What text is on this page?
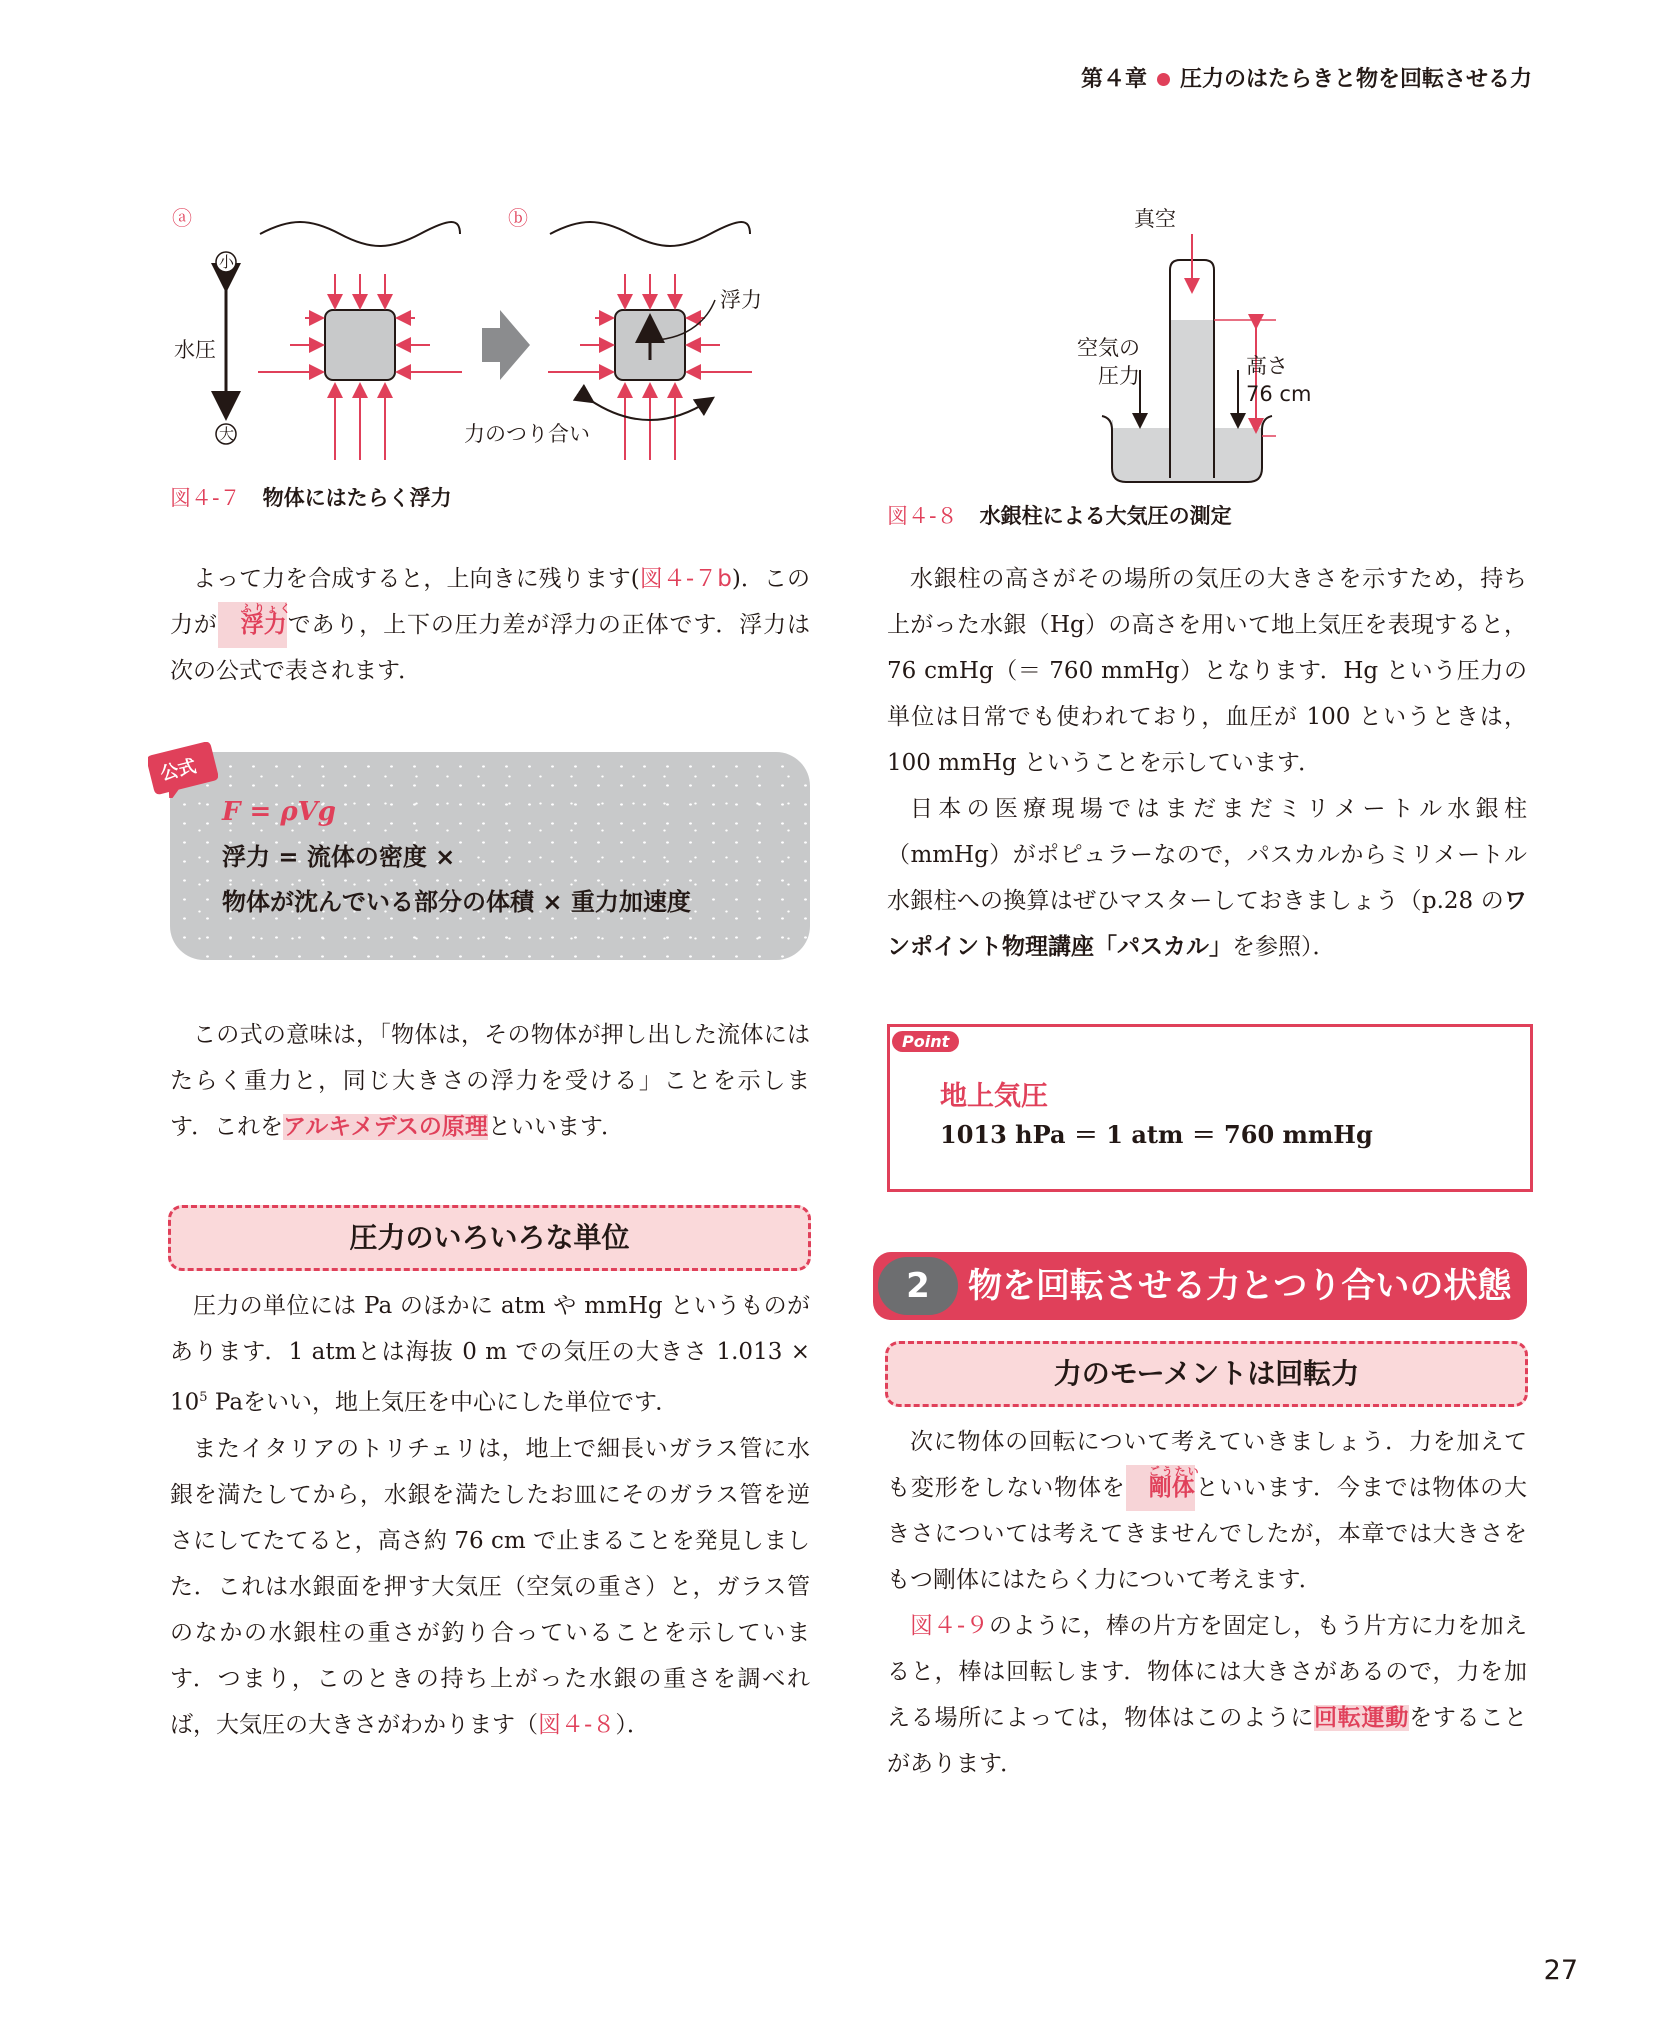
第４章 圧力のはたらきと物を回転させる力
ⓐ	ⓑ
小
大
水圧
浮力
力のつり合い
図４-７ 物体にはたらく浮力
真空
空気の
圧力	高さ
76 cm
図４-８ 水銀柱による大気圧の測定

よって力を合成すると，上向きに残ります(図４-７b)．この力が
ふりょく
浮力であり，上下の圧力差が浮力の正体です．浮力は次の公式で表されます．

公式
F = ρVg
浮力 = 流体の密度 ×
物体が沈んでいる部分の体積 × 重力加速度

この式の意味は，「物体は，その物体が押し出した流体にはたらく重力と，同じ大きさの浮力を受ける」ことを示します．これをアルキメデスの原理といいます．

圧力のいろいろな単位

圧力の単位には Pa のほかに atm や mmHg というものがあります．1 atmとは海抜 0 m での気圧の大きさ $1.013 \times 10^5$ Paをいい，地上気圧を中心にした単位です．

またイタリアのトリチェリは，地上で細長いガラス管に水銀を満たしてから，水銀を満たしたお皿にそのガラス管を逆さにしてたてると，高さ約 76 cm で止まることを発見しました．これは水銀面を押す大気圧（空気の重さ）と，ガラス管のなかの水銀柱の重さが釣り合っていることを示しています．つまり，このときの持ち上がった水銀の重さを調べれば，大気圧の大きさがわかります（図４-８）．

水銀柱の高さがその場所の気圧の大きさを示すため，持ち上がった水銀（Hg）の高さを用いて地上気圧を表現すると，76 cmHg（＝ 760 mmHg）となります．Hg という圧力の単位は日常でも使われており，血圧が 100 というときは，100 mmHg ということを示しています．

日本の医療現場ではまだまだミリメートル水銀柱（mmHg）がポピュラーなので，パスカルからミリメートル水銀柱への換算はぜひマスターしておきましょう（p.28 のワンポイント物理講座「パスカル」を参照）．

Point
地上気圧
1013 hPa ＝ 1 atm ＝ 760 mmHg
2	物を回転させる力とつり合いの状態
力のモーメントは回転力

次に物体の回転について考えていきましょう．力を加えても変形をしない物体を
ごうたい
剛体といいます．今までは物体の大きさについては考えてきませんでしたが，本章では大きさをもつ剛体にはたらく力について考えます．

図４-９のように，棒の片方を固定し，もう片方に力を加えると，棒は回転します．物体には大きさがあるので，力を加える場所によっては，物体はこのように回転運動をすることがあります．

27
